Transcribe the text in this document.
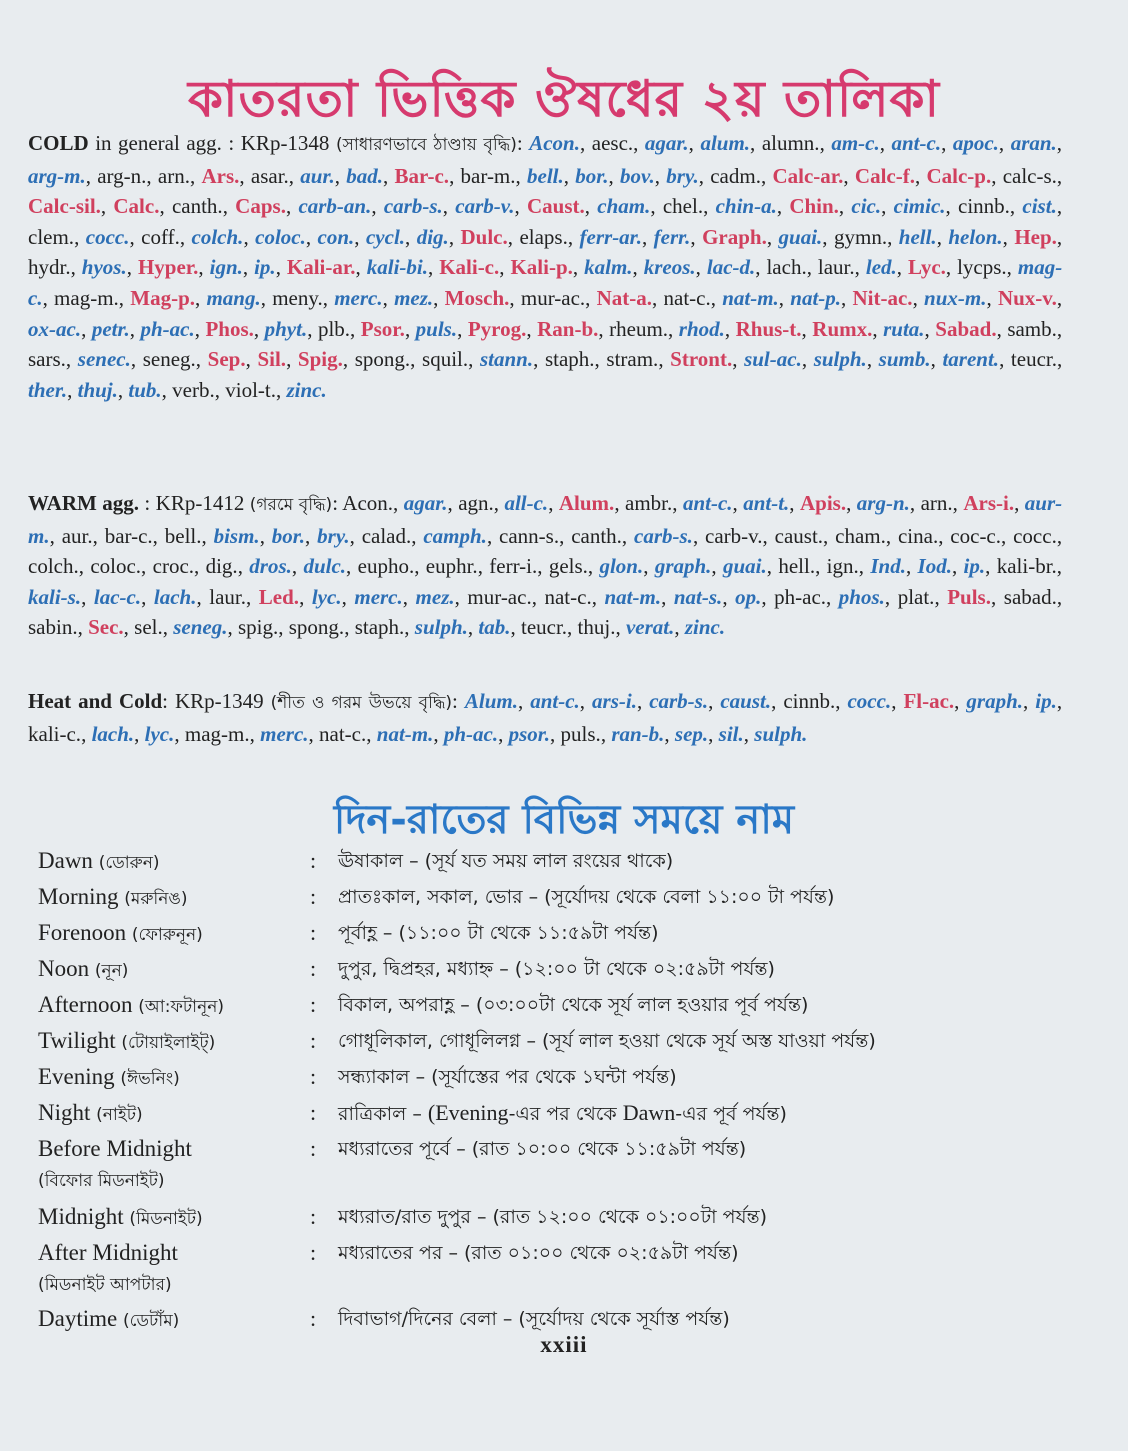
কাতরতা ভিত্তিক ঔষধের ২য় তালিকা
COLD in general agg. : KRp-1348 (সাধারণভাবে ঠাণ্ডায় বৃদ্ধি): Acon., aesc., agar., alum., alumn., am-c., ant-c., apoc., aran., arg-m., arg-n., arn., Ars., asar., aur., bad., Bar-c., bar-m., bell., bor., bov., bry., cadm., Calc-ar., Calc-f., Calc-p., calc-s., Calc-sil., Calc., canth., Caps., carb-an., carb-s., carb-v., Caust., cham., chel., chin-a., Chin., cic., cimic., cinnb., cist., clem., cocc., coff., colch., coloc., con., cycl., dig., Dulc., elaps., ferr-ar., ferr., Graph., guai., gymn., hell., helon., Hep., hydr., hyos., Hyper., ign., ip., Kali-ar., kali-bi., Kali-c., Kali-p., kalm., kreos., lac-d., lach., laur., led., Lyc., lycps., mag-c., mag-m., Mag-p., mang., meny., merc., mez., Mosch., mur-ac., Nat-a., nat-c., nat-m., nat-p., Nit-ac., nux-m., Nux-v., ox-ac., petr., ph-ac., Phos., phyt., plb., Psor., puls., Pyrog., Ran-b., rheum., rhod., Rhus-t., Rumx., ruta., Sabad., samb., sars., senec., seneg., Sep., Sil., Spig., spong., squil., stann., staph., stram., Stront., sul-ac., sulph., sumb., tarent., teucr., ther., thuj., tub., verb., viol-t., zinc.
WARM agg. : KRp-1412 (গরমে বৃদ্ধি): Acon., agar., agn., all-c., Alum., ambr., ant-c., ant-t., Apis., arg-n., arn., Ars-i., aur-m., aur., bar-c., bell., bism., bor., bry., calad., camph., cann-s., canth., carb-s., carb-v., caust., cham., cina., coc-c., cocc., colch., coloc., croc., dig., dros., dulc., eupho., euphr., ferr-i., gels., glon., graph., guai., hell., ign., Ind., Iod., ip., kali-br., kali-s., lac-c., lach., laur., Led., lyc., merc., mez., mur-ac., nat-c., nat-m., nat-s., op., ph-ac., phos., plat., Puls., sabad., sabin., Sec., sel., seneg., spig., spong., staph., sulph., tab., teucr., thuj., verat., zinc.
Heat and Cold: KRp-1349 (শীত ও গরম উভয়ে বৃদ্ধি): Alum., ant-c., ars-i., carb-s., caust., cinnb., cocc., Fl-ac., graph., ip., kali-c., lach., lyc., mag-m., merc., nat-c., nat-m., ph-ac., psor., puls., ran-b., sep., sil., sulph.
দিন-রাতের বিভিন্ন সময়ে নাম
Dawn (ডোরুন)	: ঊষাকাল – (সূর্য যত সময় লাল রংয়ের থাকে)
Morning (মরুনিঙ)	: প্রাতঃকাল, সকাল, ভোর – (সূর্যোদয় থেকে বেলা ১১:০০ টা পর্যন্ত)
Forenoon (ফোরুনূন)	: পূর্বাহ্ণ – (১১:০০ টা থেকে ১১:৫৯টা পর্যন্ত)
Noon (নূন)	: দুপুর, দ্বিপ্রহর, মধ্যাহ্ন – (১২:০০ টা থেকে ০২:৫৯টা পর্যন্ত)
Afternoon (আ:ফটানূন)	: বিকাল, অপরাহ্ণ – (০৩:০০টা থেকে সূর্য লাল হওয়ার পূর্ব পর্যন্ত)
Twilight (টোয়াইলাইট্)	: গোধূলিকাল, গোধূলিলগ্ন – (সূর্য লাল হওয়া থেকে সূর্য অস্ত যাওয়া পর্যন্ত)
Evening (ঈভনিং)	: সন্ধ্যাকাল – (সূর্যাস্তের পর থেকে ১ঘন্টা পর্যন্ত)
Night (নাইট)	: রাত্রিকাল – (Evening-এর পর থেকে Dawn-এর পূর্ব পর্যন্ত)
Before Midnight
(বিফোর মিডনাইট)
: মধ্যরাতের পূর্বে – (রাত ১০:০০ থেকে ১১:৫৯টা পর্যন্ত)
Midnight (মিডনাইট)	: মধ্যরাত/রাত দুপুর – (রাত ১২:০০ থেকে ০১:০০টা পর্যন্ত)
After Midnight
(মিডনাইট আপটার)
: মধ্যরাতের পর – (রাত ০১:০০ থেকে ০২:৫৯টা পর্যন্ত)
Daytime (ডেটা‌ঁম)	: দিবাভাগ/দিনের বেলা – (সূর্যোদয় থেকে সূর্যাস্ত পর্যন্ত)
xxiii
